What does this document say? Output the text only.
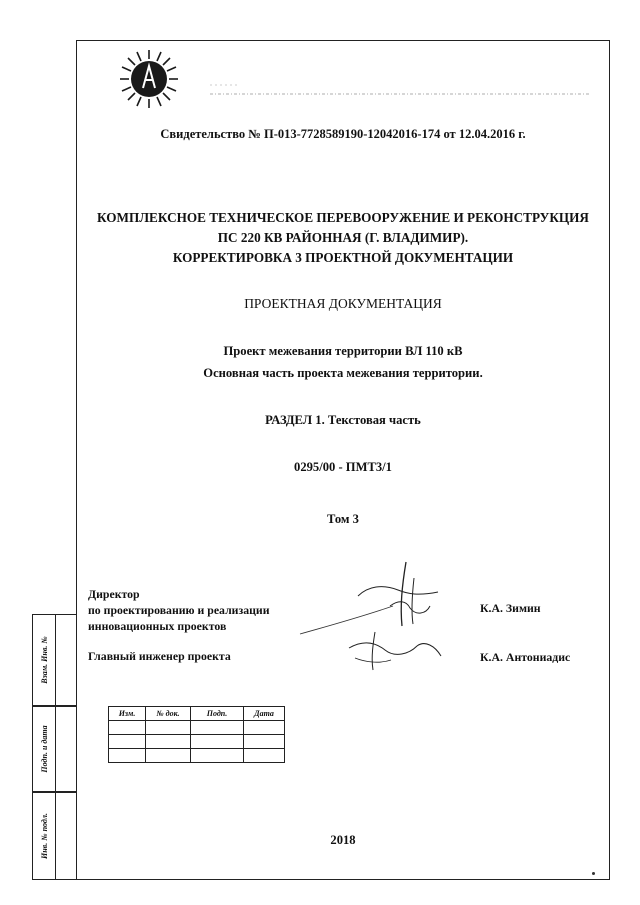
Свидетельство № П-013-7728589190-12042016-174 от 12.04.2016 г.
КОМПЛЕКСНОЕ ТЕХНИЧЕСКОЕ ПЕРЕВООРУЖЕНИЕ И РЕКОНСТРУКЦИЯ
ПС 220 КВ РАЙОННАЯ (Г. ВЛАДИМИР).
КОРРЕКТИРОВКА 3 ПРОЕКТНОЙ ДОКУМЕНТАЦИИ
ПРОЕКТНАЯ ДОКУМЕНТАЦИЯ
Проект межевания территории ВЛ 110 кВ
Основная часть проекта межевания территории.
РАЗДЕЛ 1. Текстовая часть
0295/00 - ПМТ3/1
Том 3
Директор
по проектированию и реализации
инновационных проектов
К.А. Зимин
Главный инженер проекта	К.А. Антониадис
Изм.	№ док.	Подп.	Дата

Взам. Инв. №
Подп. и дата
Инв. № подл.	2018
